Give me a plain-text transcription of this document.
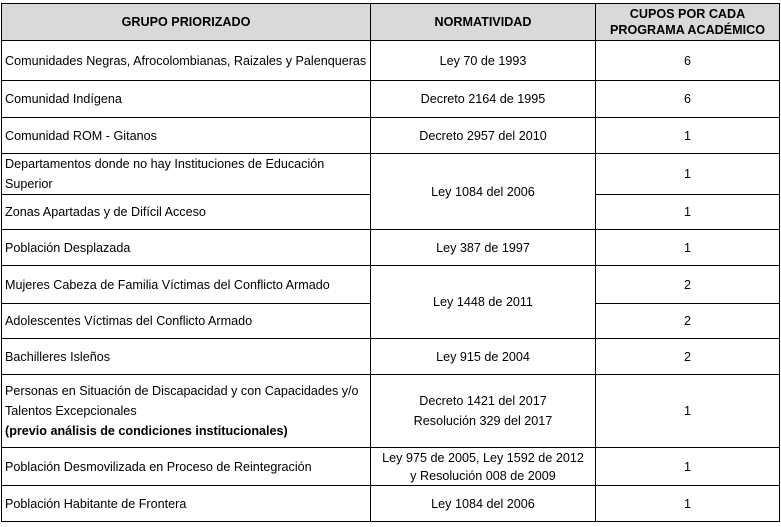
GRUPO PRIORIZADO	NORMATIVIDAD	CUPOS POR CADA
PROGRAMA ACADÉMICO
Comunidades Negras, Afrocolombianas, Raizales y Palenqueras	Ley 70 de 1993	6
Comunidad Indígena	Decreto 2164 de 1995	6
Comunidad ROM - Gitanos	Decreto 2957 del 2010	1
Departamentos donde no hay Instituciones de Educación Superior	Ley 1084 del 2006	1
Zonas Apartadas y de Difícil Acceso		1
Población Desplazada	Ley 387 de 1997	1
Mujeres Cabeza de Familia Víctimas del Conflicto Armado	Ley 1448 de 2011	2
Adolescentes Víctimas del Conflicto Armado		2
Bachilleres Isleños	Ley 915 de 2004	2
Personas en Situación de Discapacidad y con Capacidades y/o Talentos Excepcionales
(previo análisis de condiciones institucionales)	Decreto 1421 del 2017
Resolución 329 del 2017	1
Población Desmovilizada en Proceso de Reintegración	Ley 975 de 2005, Ley 1592 de 2012
y Resolución 008 de 2009	1
Población Habitante de Frontera	Ley 1084 del 2006	1
